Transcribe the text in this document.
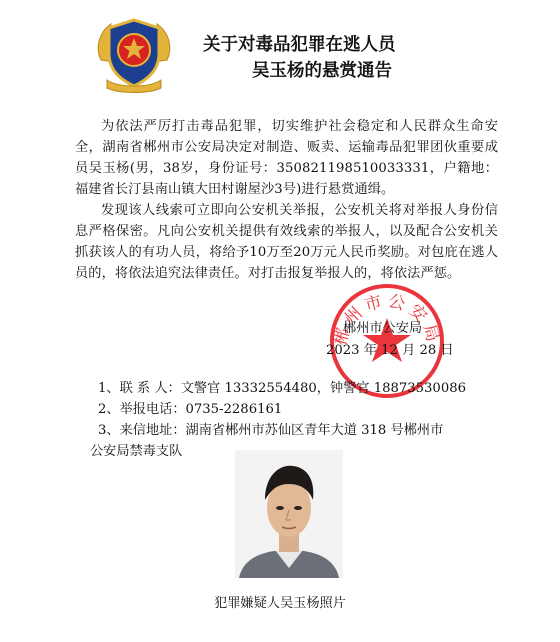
关于对毒品犯罪在逃人员
吴玉杨的悬赏通告

为依法严厉打击毒品犯罪，切实维护社会稳定和人民群众生命安全，湖南省郴州市公安局决定对制造、贩卖、运输毒品犯罪团伙重要成员吴玉杨(男，38岁，身份证号：350821198510033331，户籍地：福建省长汀县南山镇大田村谢屋沙3号)进行悬赏通缉。

发现该人线索可立即向公安机关举报，公安机关将对举报人身份信息严格保密。凡向公安机关提供有效线索的举报人，以及配合公安机关抓获该人的有功人员，将给予10万至20万元人民币奖励。对包庇在逃人员的，将依法追究法律责任。对打击报复举报人的，将依法严惩。

郴州市公安局
郴州市公安局
2023 年 12 月 28 日
1、联 系 人：文警官 13332554480，钟警官 18873530086
2、举报电话：0735-2286161
3、来信地址：湖南省郴州市苏仙区青年大道 318 号郴州市
公安局禁毒支队
犯罪嫌疑人吴玉杨照片
